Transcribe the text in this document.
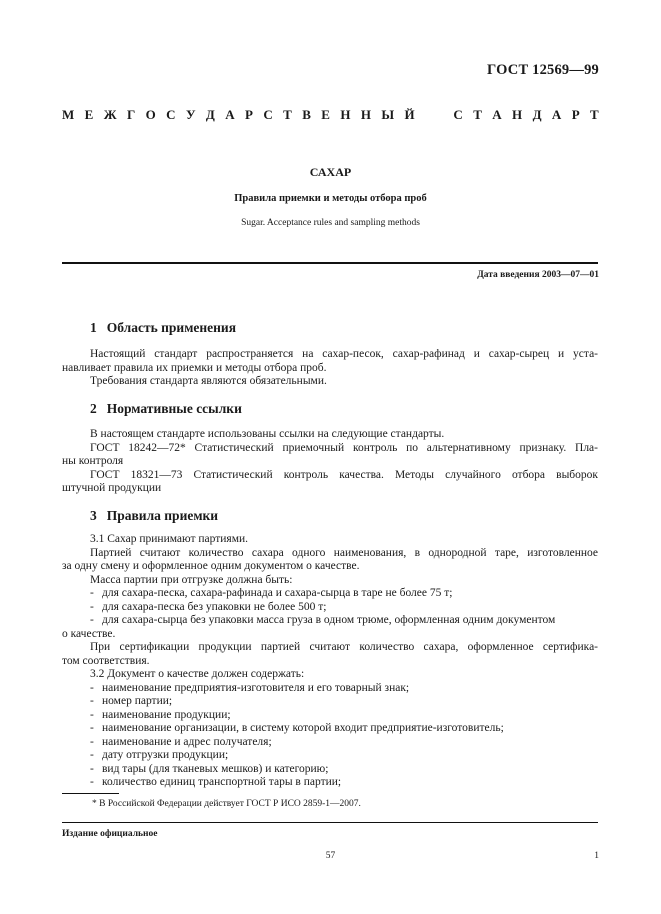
ГОСТ 12569—99
М Е Ж Г О С У Д А Р С Т В Е Н Н Ы Й	С Т А Н Д А Р Т
САХАР
Правила приемки и методы отбора проб
Sugar. Acceptance rules and sampling methods
Дата введения 2003—07—01
1 Область применения
Настоящий стандарт распространяется на сахар-песок, сахар-рафинад и сахар-сырец и уста-
навливает правила их приемки и методы отбора проб.
Требования стандарта являются обязательными.
2 Нормативные ссылки
В настоящем стандарте использованы ссылки на следующие стандарты.
ГОСТ 18242—72* Статистический приемочный контроль по альтернативному признаку. Пла-
ны контроля
ГОСТ 18321—73 Статистический контроль качества. Методы случайного отбора выборок
штучной продукции
3 Правила приемки
3.1 Сахар принимают партиями.
Партией считают количество сахара одного наименования, в однородной таре, изготовленное
за одну смену и оформленное одним документом о качестве.
Масса партии при отгрузке должна быть:
- для сахара-песка, сахара-рафинада и сахара-сырца в таре не более 75 т;
- для сахара-песка без упаковки не более 500 т;
- для сахара-сырца без упаковки масса груза в одном трюме, оформленная одним документом
о качестве.
При сертификации продукции партией считают количество сахара, оформленное сертифика-
том соответствия.
3.2 Документ о качестве должен содержать:
- наименование предприятия-изготовителя и его товарный знак;
- номер партии;
- наименование продукции;
- наименование организации, в систему которой входит предприятие-изготовитель;
- наименование и адрес получателя;
- дату отгрузки продукции;
- вид тары (для тканевых мешков) и категорию;
- количество единиц транспортной тары в партии;
* В Российской Федерации действует ГОСТ Р ИСО 2859-1—2007.
Издание официальное
57	1
